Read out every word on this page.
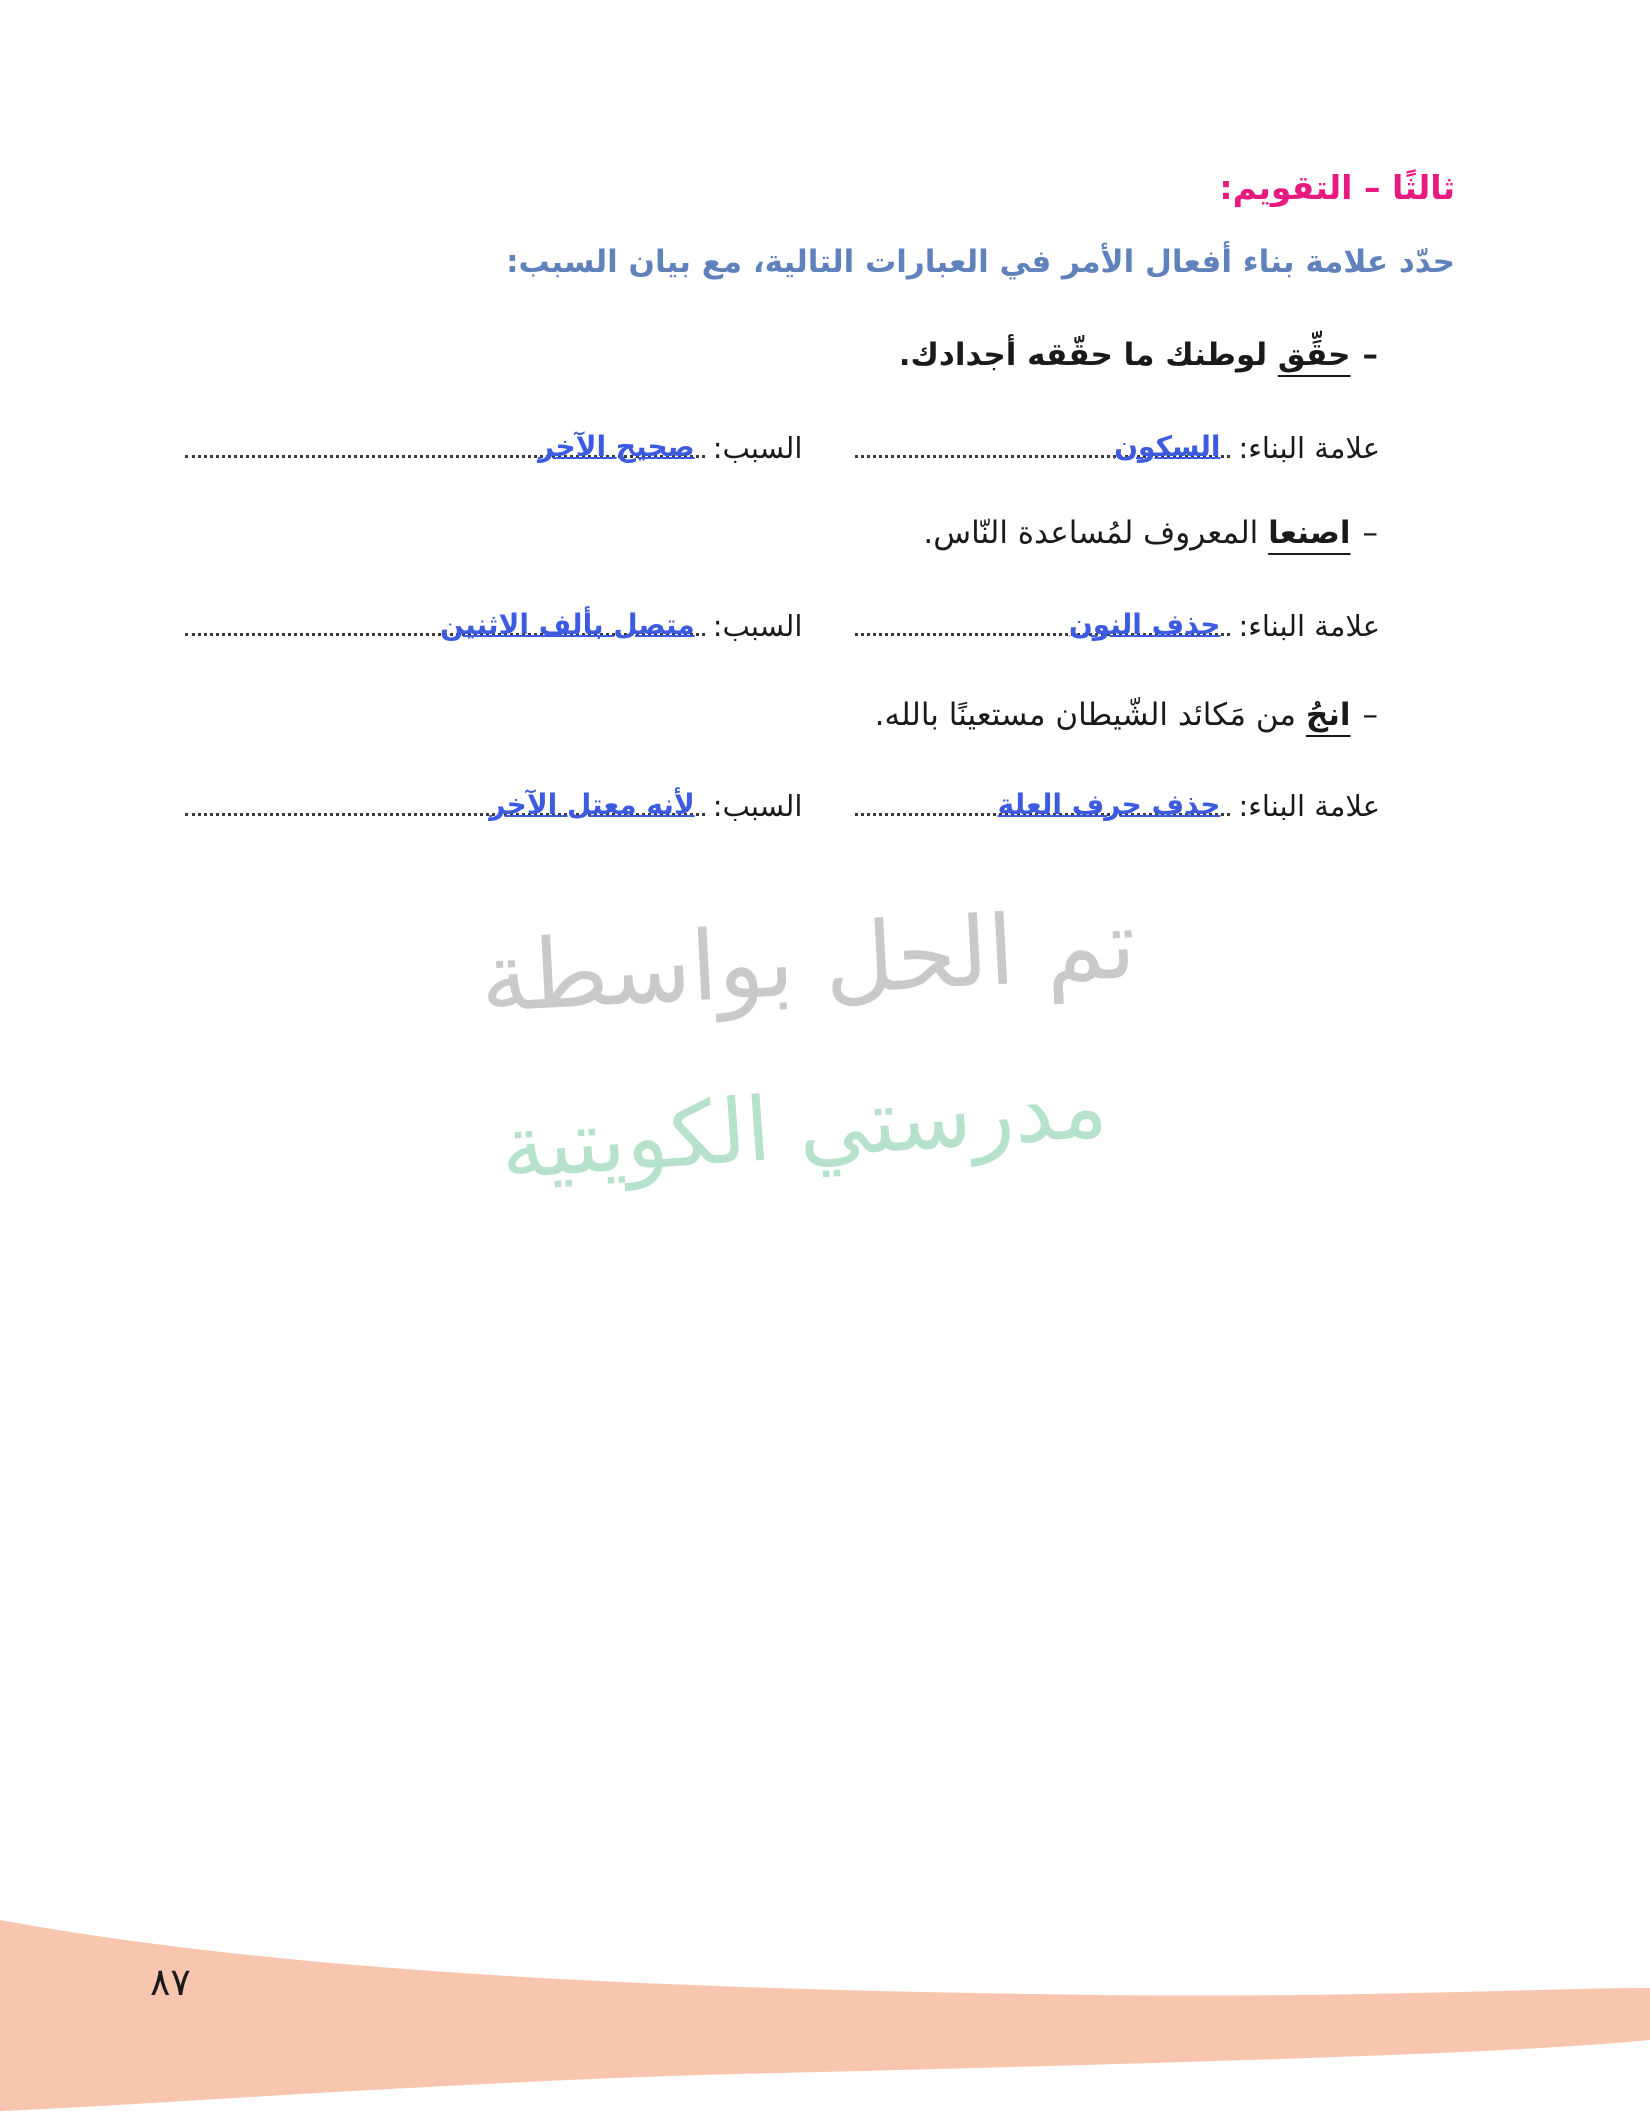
ثالثًا – التقويم:
حدّد علامة بناء أفعال الأمر في العبارات التالية، مع بيان السبب:
–حقِّق لوطنك ما حقّقه أجدادك.
علامة البناء:
السكون
السبب:
صحيح الآخر
–اصنعا المعروف لمُساعدة النّاس.
علامة البناء:
حذف النون
السبب:
متصل بألف الاثنين
–انجُ من مَكائد الشّيطان مستعينًا بالله.
علامة البناء:
حذف حرف العلة
السبب:
لأنه معتل الآخر
تم الحل بواسطة
مدرستي الكويتية
٨٧
